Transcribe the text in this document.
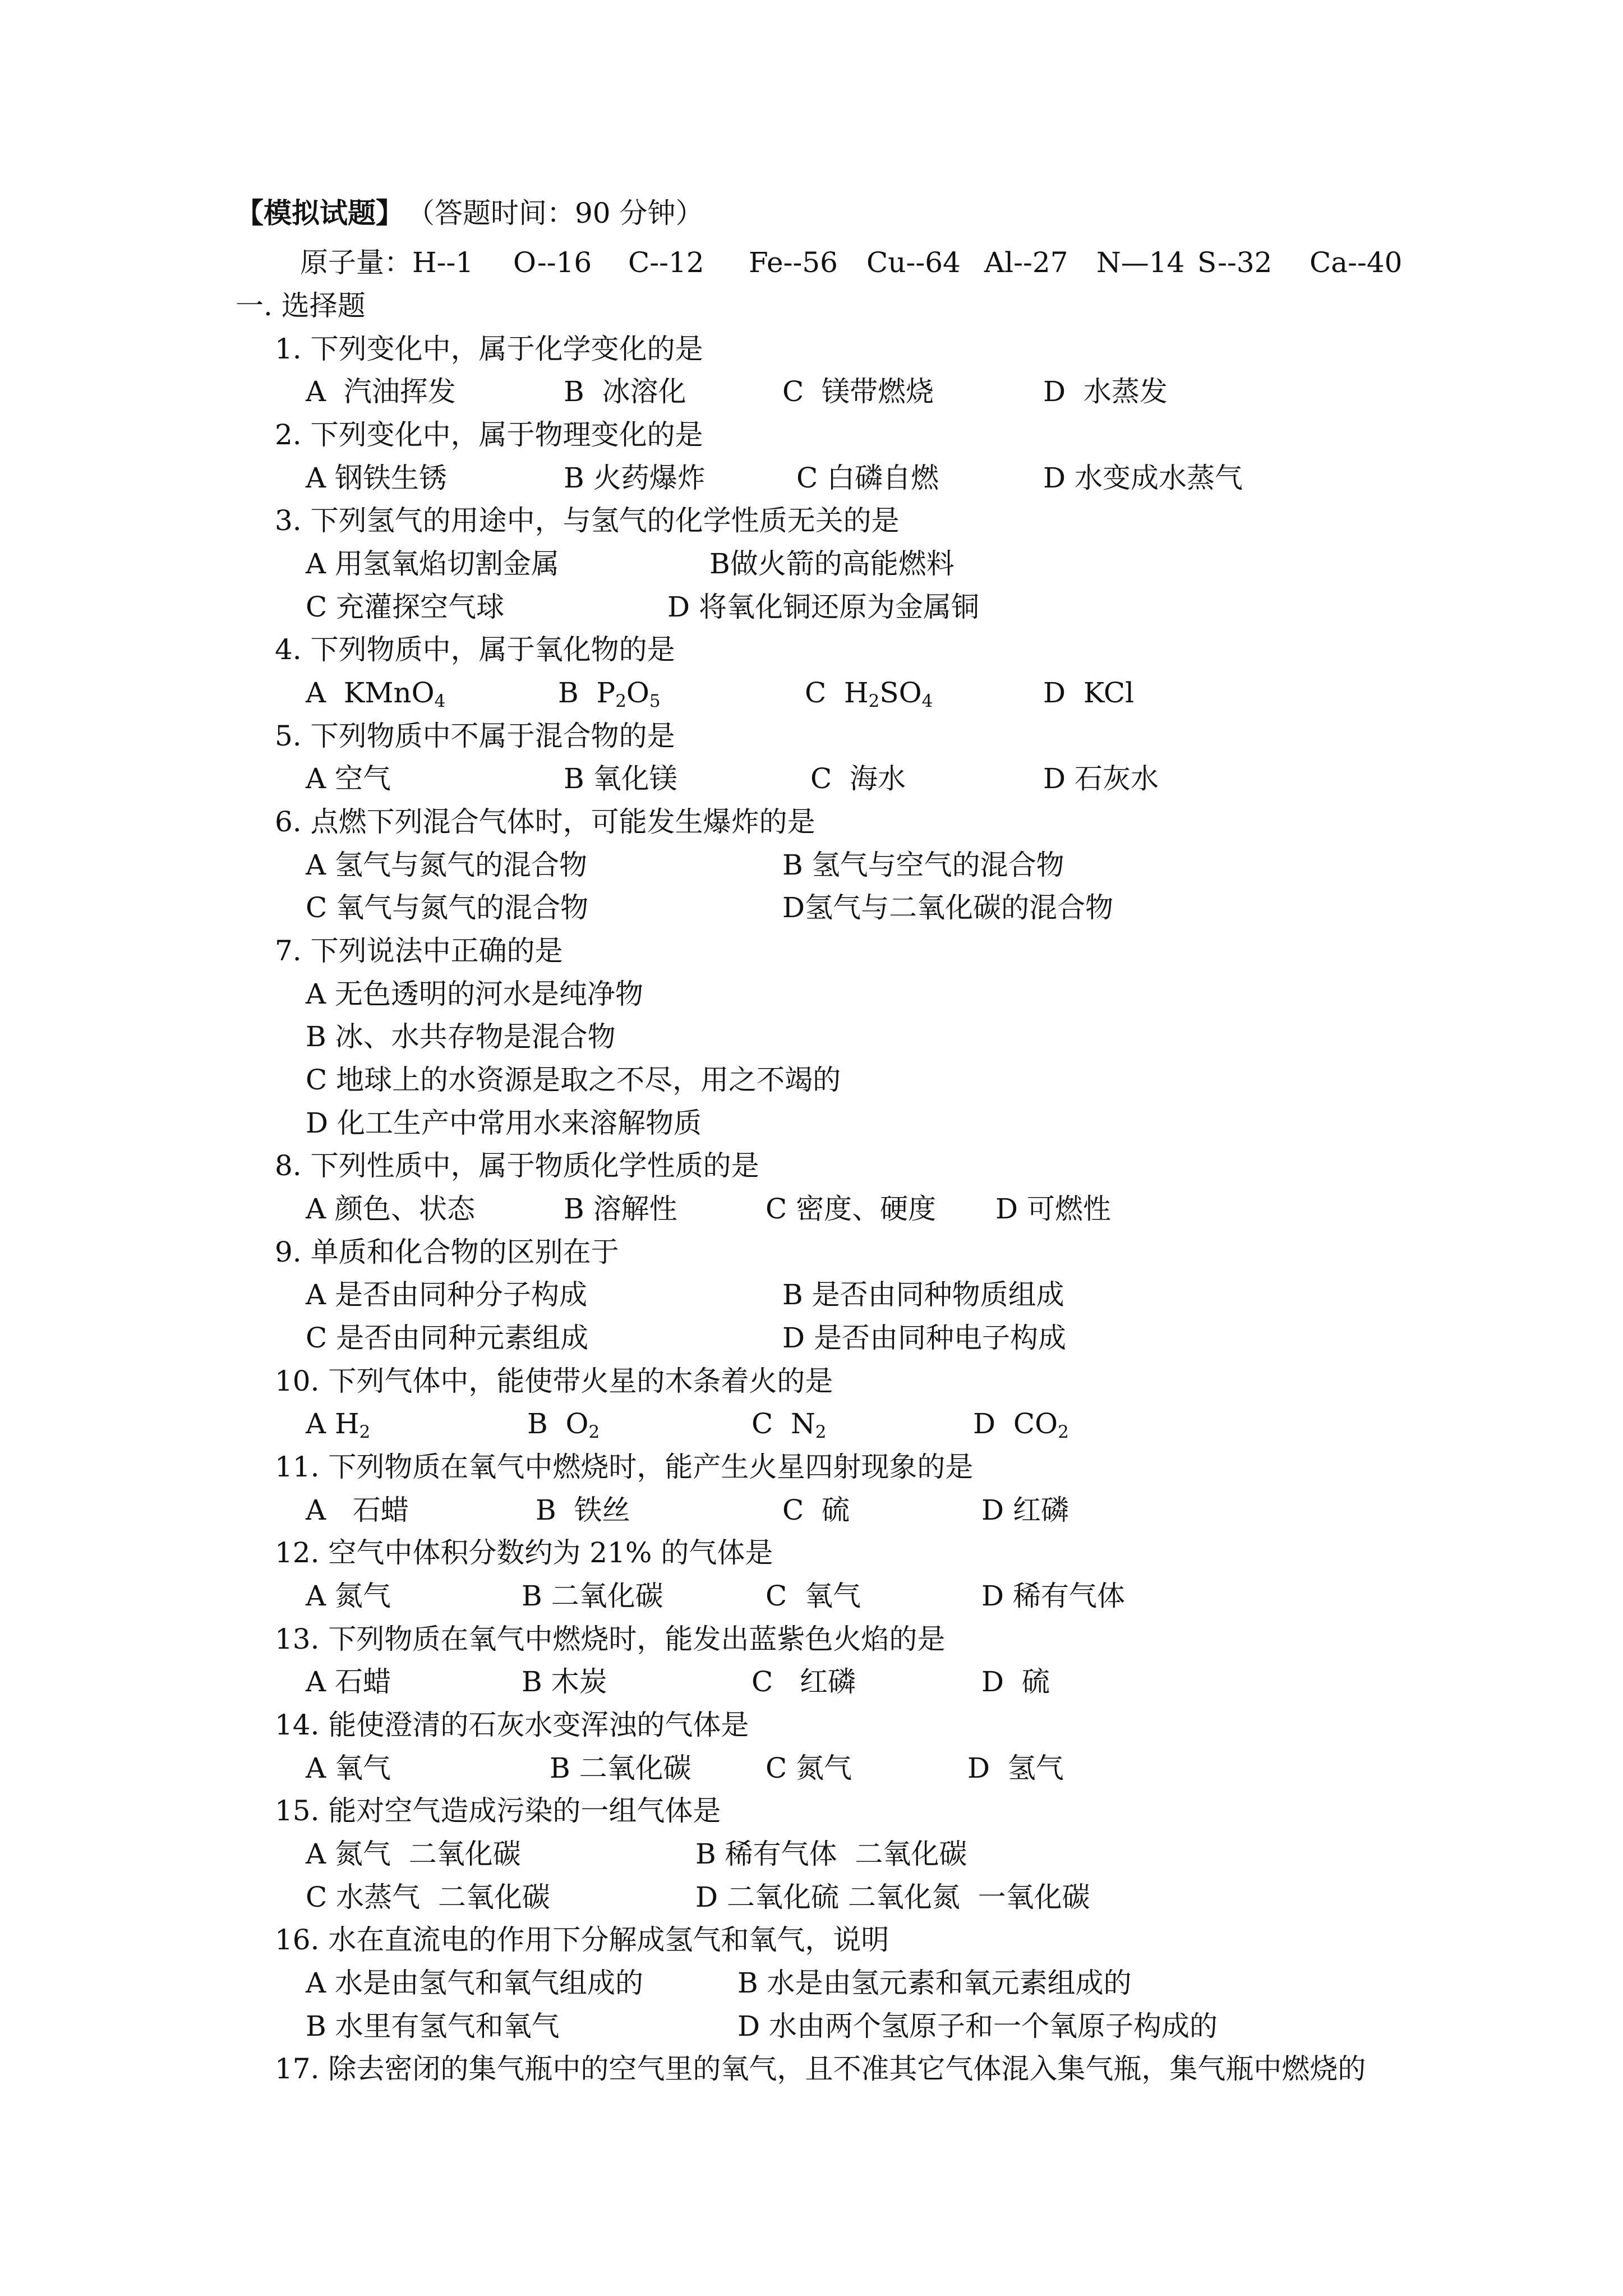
【模拟试题】

（答题时间：90 分钟）

原子量：

H--1

O--16

C--12

Fe--56

Cu--64

Al--27

N—14

S--32

Ca--40

一. 选择题

1. 下列变化中，属于化学变化的是

A  汽油挥发

	B  冰溶化

	C  镁带燃烧

	D  水蒸发

2. 下列变化中，属于物理变化的是

A 钢铁生锈

	B 火药爆炸

	C 白磷自燃

	D 水变成水蒸气

3. 下列氢气的用途中，与氢气的化学性质无关的是

A 用氢氧焰切割金属

	B做火箭的高能燃料

C 充灌探空气球

	D 将氧化铜还原为金属铜

4. 下列物质中，属于氧化物的是

A  KMnO$_4$

	B  $P_2O_5$

	C  $H_2SO_4$

	D  KCl

5. 下列物质中不属于混合物的是

A 空气

	B 氧化镁

	C  海水

	D 石灰水

6. 点燃下列混合气体时，可能发生爆炸的是

A 氢气与氮气的混合物

	B 氢气与空气的混合物

C 氧气与氮气的混合物

	D氢气与二氧化碳的混合物

7. 下列说法中正确的是

A 无色透明的河水是纯净物

B 冰、水共存物是混合物

C 地球上的水资源是取之不尽，用之不竭的

D 化工生产中常用水来溶解物质

8. 下列性质中，属于物质化学性质的是

A 颜色、状态

	B 溶解性

	C 密度、硬度

D 可燃性

9. 单质和化合物的区别在于

A 是否由同种分子构成

	B 是否由同种物质组成

C 是否由同种元素组成

	D 是否由同种电子构成

10. 下列气体中，能使带火星的木条着火的是

A $H_2$

	B  $O_2$

	C  $N_2$

	D  $CO_2$

11. 下列物质在氧气中燃烧时，能产生火星四射现象的是

A   石蜡

	B  铁丝

	C  硫

	D 红磷

12. 空气中体积分数约为 21% 的气体是

A 氮气

	B 二氧化碳

	C  氧气

	D 稀有气体

13. 下列物质在氧气中燃烧时，能发出蓝紫色火焰的是

A 石蜡

	B 木炭

	C   红磷

	D  硫

14. 能使澄清的石灰水变浑浊的气体是

A 氧气

	B 二氧化碳

	C 氮气

	D  氢气

15. 能对空气造成污染的一组气体是

A 氮气  二氧化碳

	B 稀有气体  二氧化碳

C 水蒸气  二氧化碳

	D 二氧化硫 二氧化氮  一氧化碳

16. 水在直流电的作用下分解成氢气和氧气，说明

A 水是由氢气和氧气组成的

	B 水是由氢元素和氧元素组成的

B 水里有氢气和氧气

	D 水由两个氢原子和一个氧原子构成的

17. 除去密闭的集气瓶中的空气里的氧气，且不准其它气体混入集气瓶，集气瓶中燃烧的
